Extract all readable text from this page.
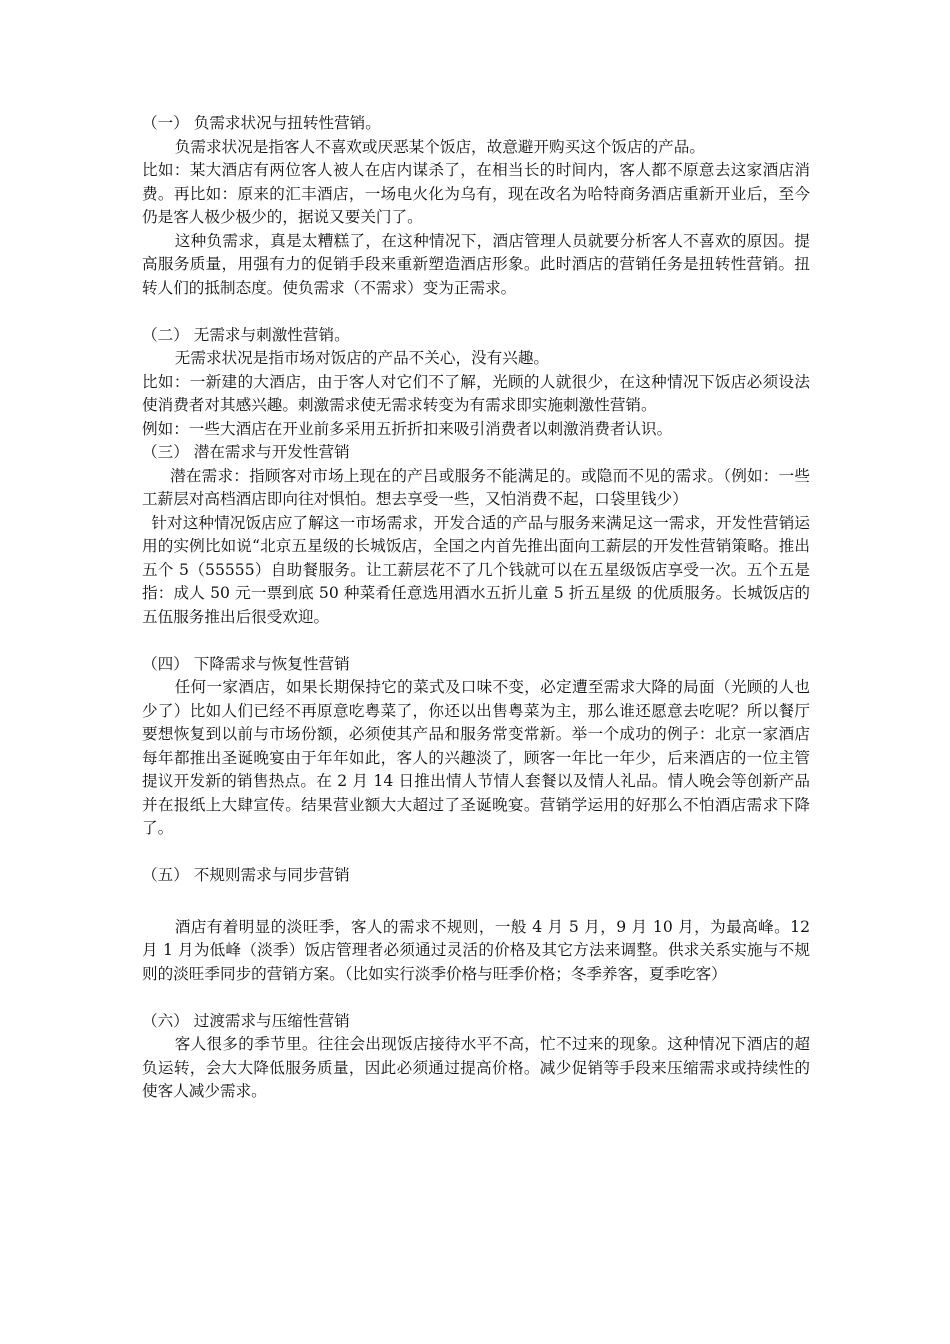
（一） 负需求状况与扭转性营销。

负需求状况是指客人不喜欢或厌恶某个饭店，故意避开购买这个饭店的产品。

比如：某大酒店有两位客人被人在店内谋杀了，在相当长的时间内，客人都不原意去这家酒店消费。再比如：原来的汇丰酒店，一场电火化为乌有，现在改名为哈特商务酒店重新开业后，至今仍是客人极少极少的，据说又要关门了。

这种负需求，真是太糟糕了，在这种情况下，酒店管理人员就要分析客人不喜欢的原因。提高服务质量，用强有力的促销手段来重新塑造酒店形象。此时酒店的营销任务是扭转性营销。扭转人们的抵制态度。使负需求（不需求）变为正需求。

（二） 无需求与刺激性营销。

无需求状况是指市场对饭店的产品不关心，没有兴趣。

比如：一新建的大酒店，由于客人对它们不了解，光顾的人就很少，在这种情况下饭店必须设法使消费者对其感兴趣。刺激需求使无需求转变为有需求即实施刺激性营销。

例如：一些大酒店在开业前多采用五折折扣来吸引消费者以刺激消费者认识。

（三） 潜在需求与开发性营销

潜在需求：指顾客对市场上现在的产吕或服务不能满足的。或隐而不见的需求。（例如：一些工薪层对高档酒店即向往对惧怕。想去享受一些，又怕消费不起，口袋里钱少）

针对这种情况饭店应了解这一市场需求，开发合适的产品与服务来满足这一需求，开发性营销运用的实例比如说“北京五星级的长城饭店，全国之内首先推出面向工薪层的开发性营销策略。推出五个 5（55555）自助餐服务。让工薪层花不了几个钱就可以在五星级饭店享受一次。五个五是指：成人 50 元一票到底 50 种菜肴任意选用酒水五折儿童 5 折五星级 的优质服务。长城饭店的五伍服务推出后很受欢迎。

（四） 下降需求与恢复性营销

任何一家酒店，如果长期保持它的菜式及口味不变，必定遭至需求大降的局面（光顾的人也少了）比如人们已经不再原意吃粤菜了，你还以出售粤菜为主，那么谁还愿意去吃呢？所以餐厅要想恢复到以前与市场份额，必须使其产品和服务常变常新。举一个成功的例子：北京一家酒店每年都推出圣诞晚宴由于年年如此，客人的兴趣淡了，顾客一年比一年少，后来酒店的一位主管提议开发新的销售热点。在 2 月 14 日推出情人节情人套餐以及情人礼品。情人晚会等创新产品并在报纸上大肆宣传。结果营业额大大超过了圣诞晚宴。营销学运用的好那么不怕酒店需求下降了。

（五） 不规则需求与同步营销

酒店有着明显的淡旺季，客人的需求不规则，一般 4 月 5 月，9 月 10 月，为最高峰。12 月 1 月为低峰（淡季）饭店管理者必须通过灵活的价格及其它方法来调整。供求关系实施与不规则的淡旺季同步的营销方案。（比如实行淡季价格与旺季价格；冬季养客，夏季吃客）

（六） 过渡需求与压缩性营销

客人很多的季节里。往往会出现饭店接待水平不高，忙不过来的现象。这种情况下酒店的超负运转，会大大降低服务质量，因此必须通过提高价格。减少促销等手段来压缩需求或持续性的使客人减少需求。
